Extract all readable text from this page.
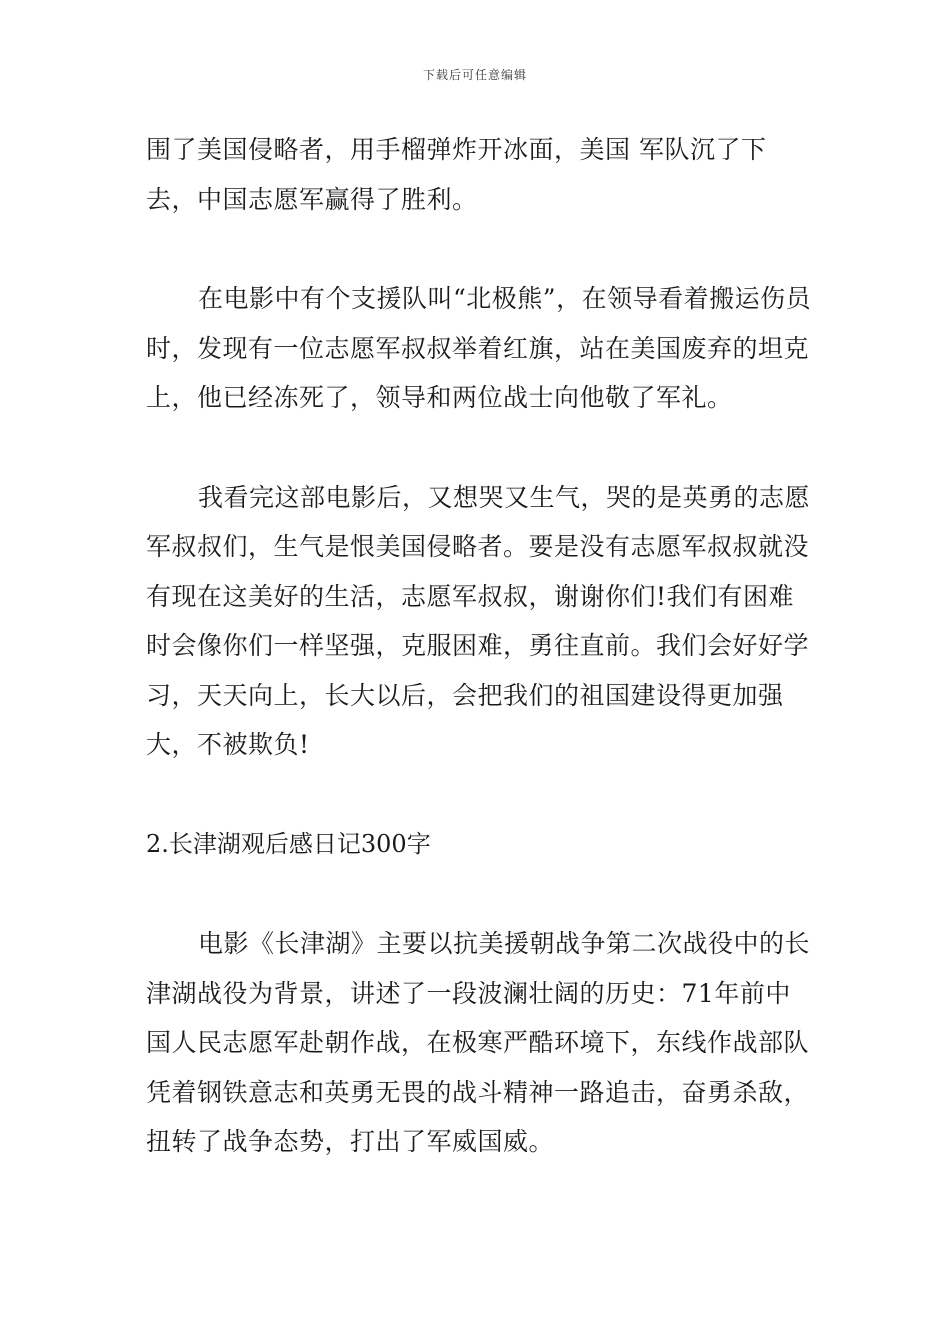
下载后可任意编辑

围了美国侵略者，用手榴弹炸开冰面，美国 军队沉了下去，中国志愿军赢得了胜利。

在电影中有个支援队叫“北极熊”，在领导看着搬运伤员时，发现有一位志愿军叔叔举着红旗，站在美国废弃的坦克上，他已经冻死了，领导和两位战士向他敬了军礼。

我看完这部电影后，又想哭又生气，哭的是英勇的志愿军叔叔们，生气是恨美国侵略者。要是没有志愿军叔叔就没有现在这美好的生活，志愿军叔叔，谢谢你们!我们有困难时会像你们一样坚强，克服困难，勇往直前。我们会好好学习，天天向上，长大以后，会把我们的祖国建设得更加强大，不被欺负!

2.长津湖观后感日记300字

电影《长津湖》主要以抗美援朝战争第二次战役中的长津湖战役为背景，讲述了一段波澜壮阔的历史：71年前中国人民志愿军赴朝作战，在极寒严酷环境下，东线作战部队凭着钢铁意志和英勇无畏的战斗精神一路追击，奋勇杀敌，扭转了战争态势，打出了军威国威。
